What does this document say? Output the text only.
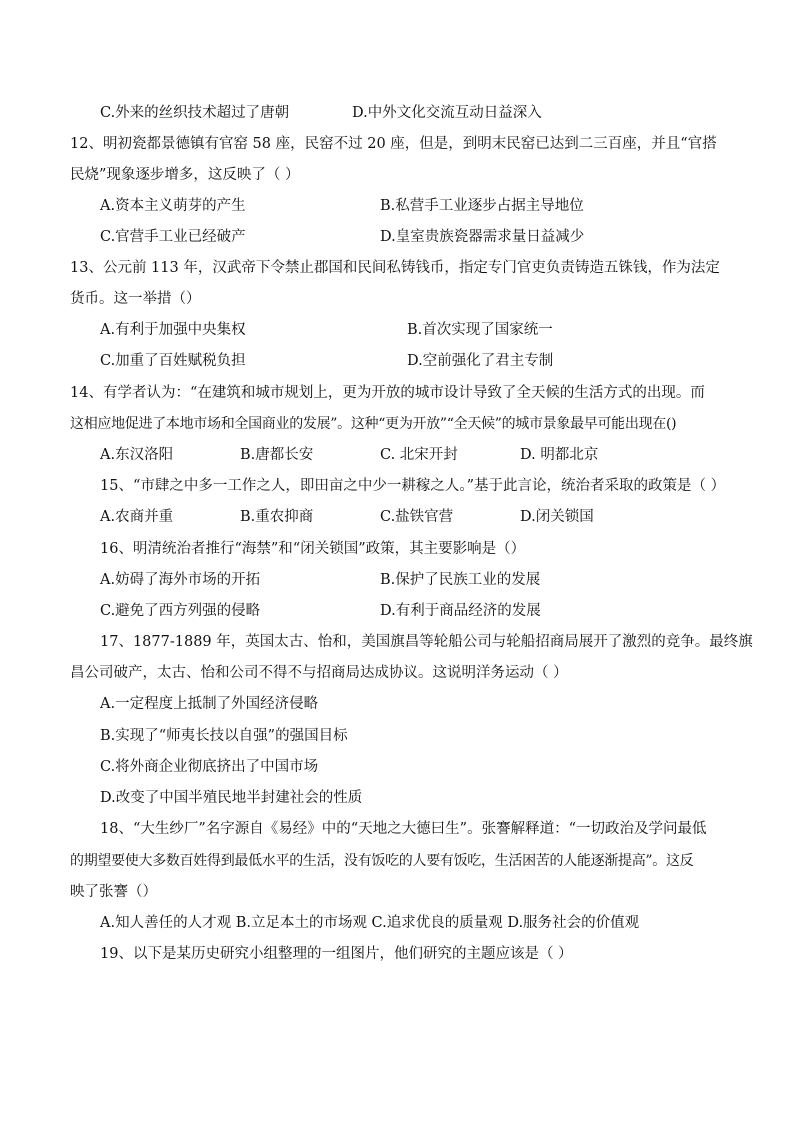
C.外来的丝织技术超过了唐朝	D.中外文化交流互动日益深入
12、明初瓷都景德镇有官窑 58 座，民窑不过 20 座，但是，到明末民窑已达到二三百座，并且“官搭
民烧”现象逐步增多，这反映了（ ）
A.资本主义萌芽的产生	B.私营手工业逐步占据主导地位
C.官营手工业已经破产	D.皇室贵族瓷器需求量日益减少
13、公元前 113 年，汉武帝下令禁止郡国和民间私铸钱币，指定专门官吏负责铸造五铢钱，作为法定
货币。这一举措（）
A.有利于加强中央集权	B.首次实现了国家统一
C.加重了百姓赋税负担	D.空前强化了君主专制
14、有学者认为：“在建筑和城市规划上，更为开放的城市设计导致了全天候的生活方式的出现。而
这相应地促进了本地市场和全国商业的发展”。这种“更为开放”“全天候”的城市景象最早可能出现在()
A.东汉洛阳	B.唐都长安	C. 北宋开封	D. 明都北京
15、“市肆之中多一工作之人，即田亩之中少一耕稼之人。”基于此言论，统治者采取的政策是（ ）
A.农商并重	B.重农抑商	C.盐铁官营	D.闭关锁国
16、明清统治者推行“海禁”和“闭关锁国”政策，其主要影响是（）
A.妨碍了海外市场的开拓	B.保护了民族工业的发展
C.避免了西方列强的侵略	D.有利于商品经济的发展
17、1877-1889 年，英国太古、怡和，美国旗昌等轮船公司与轮船招商局展开了激烈的竞争。最终旗
昌公司破产，太古、怡和公司不得不与招商局达成协议。这说明洋务运动（ ）
A.一定程度上抵制了外国经济侵略
B.实现了“师夷长技以自强”的强国目标
C.将外商企业彻底挤出了中国市场
D.改变了中国半殖民地半封建社会的性质
18、“大生纱厂”名字源自《易经》中的“天地之大德曰生”。张謇解释道：“一切政治及学问最低
的期望要使大多数百姓得到最低水平的生活，没有饭吃的人要有饭吃，生活困苦的人能逐渐提高”。这反
映了张謇（）
A.知人善任的人才观 B.立足本土的市场观 C.追求优良的质量观 D.服务社会的价值观
19、以下是某历史研究小组整理的一组图片，他们研究的主题应该是（ ）
